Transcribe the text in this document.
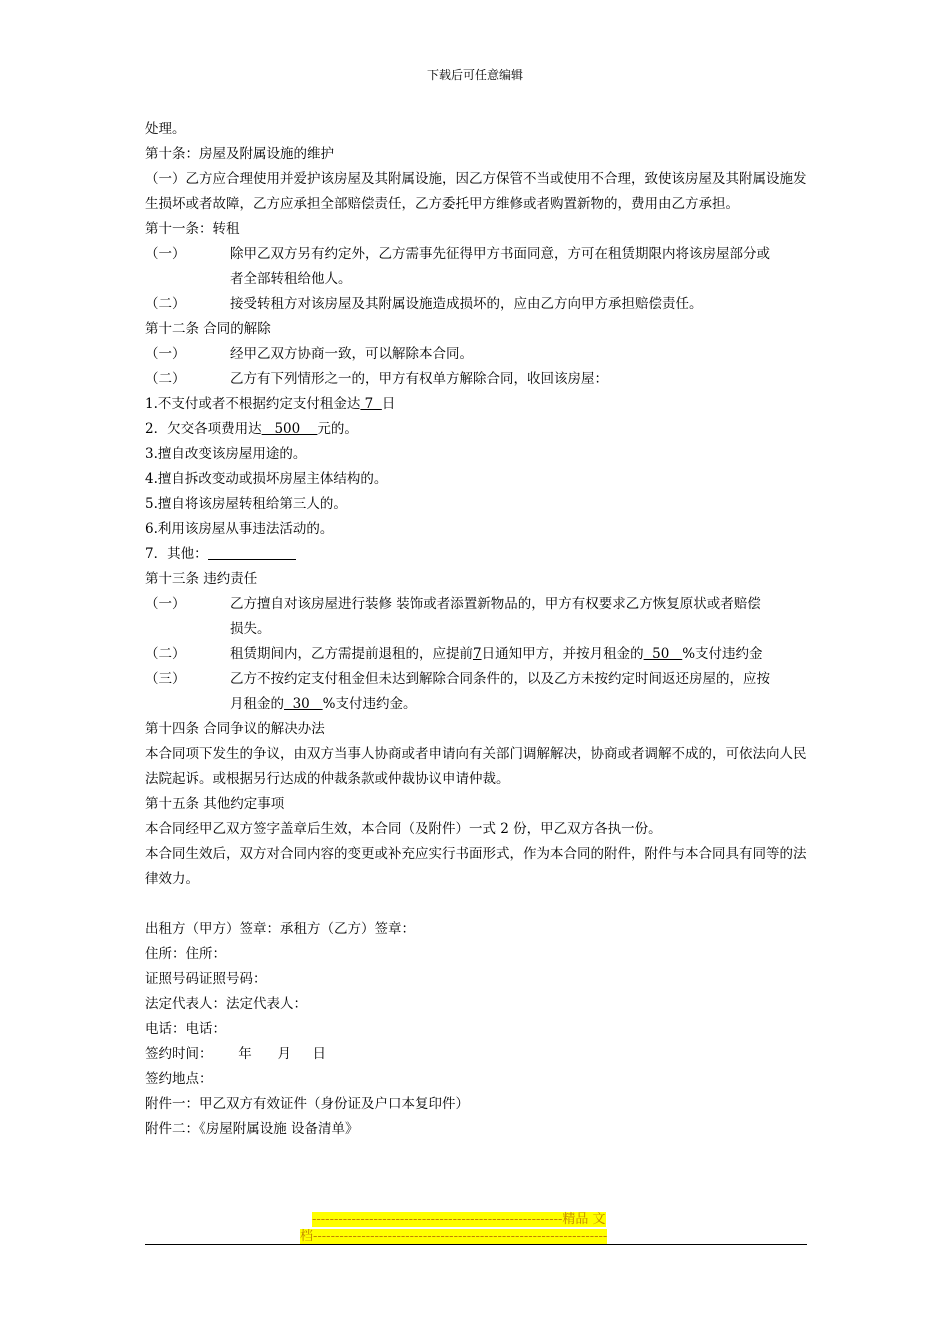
下载后可任意编辑
处理。
第十条：房屋及附属设施的维护
（一）乙方应合理使用并爱护该房屋及其附属设施，因乙方保管不当或使用不合理，致使该房屋及其附属设施发生损坏或者故障，乙方应承担全部赔偿责任，乙方委托甲方维修或者购置新物的，费用由乙方承担。
第十一条：转租
（一）	除甲乙双方另有约定外，乙方需事先征得甲方书面同意，方可在租赁期限内将该房屋部分或
者全部转租给他人。
（二）	接受转租方对该房屋及其附属设施造成损坏的，应由乙方向甲方承担赔偿责任。
第十二条 合同的解除
（一）	经甲乙双方协商一致，可以解除本合同。
（二）	乙方有下列情形之一的，甲方有权单方解除合同，收回该房屋：
1.不支付或者不根据约定支付租金达 7  日
2．欠交各项费用达   500    元的。
3.擅自改变该房屋用途的。
4.擅自拆改变动或损坏房屋主体结构的。
5.擅自将该房屋转租给第三人的。
6.利用该房屋从事违法活动的。
7．其他：
第十三条 违约责任
（一）	乙方擅自对该房屋进行装修 装饰或者添置新物品的，甲方有权要求乙方恢复原状或者赔偿
损失。
（二）	租赁期间内，乙方需提前退租的，应提前7日通知甲方，并按月租金的  50   %支付违约金
（三）	乙方不按约定支付租金但未达到解除合同条件的，以及乙方未按约定时间返还房屋的，应按
月租金的  30   %支付违约金。
第十四条 合同争议的解决办法
本合同项下发生的争议，由双方当事人协商或者申请向有关部门调解解决，协商或者调解不成的，可依法向人民法院起诉。或根据另行达成的仲裁条款或仲裁协议申请仲裁。
第十五条 其他约定事项
本合同经甲乙双方签字盖章后生效，本合同（及附件）一式 2 份，甲乙双方各执一份。
本合同生效后，双方对合同内容的变更或补充应实行书面形式，作为本合同的附件，附件与本合同具有同等的法律效力。
出租方（甲方）签章：承租方（乙方）签章：
住所：住所：
证照号码证照号码：
法定代表人：法定代表人：
电话：电话：
签约时间：      年      月     日
签约地点：
附件一：甲乙双方有效证件（身份证及户口本复印件）
附件二：《房屋附属设施 设备清单》
---------------------------------------------------------精品 文
档-------------------------------------------------------------------
